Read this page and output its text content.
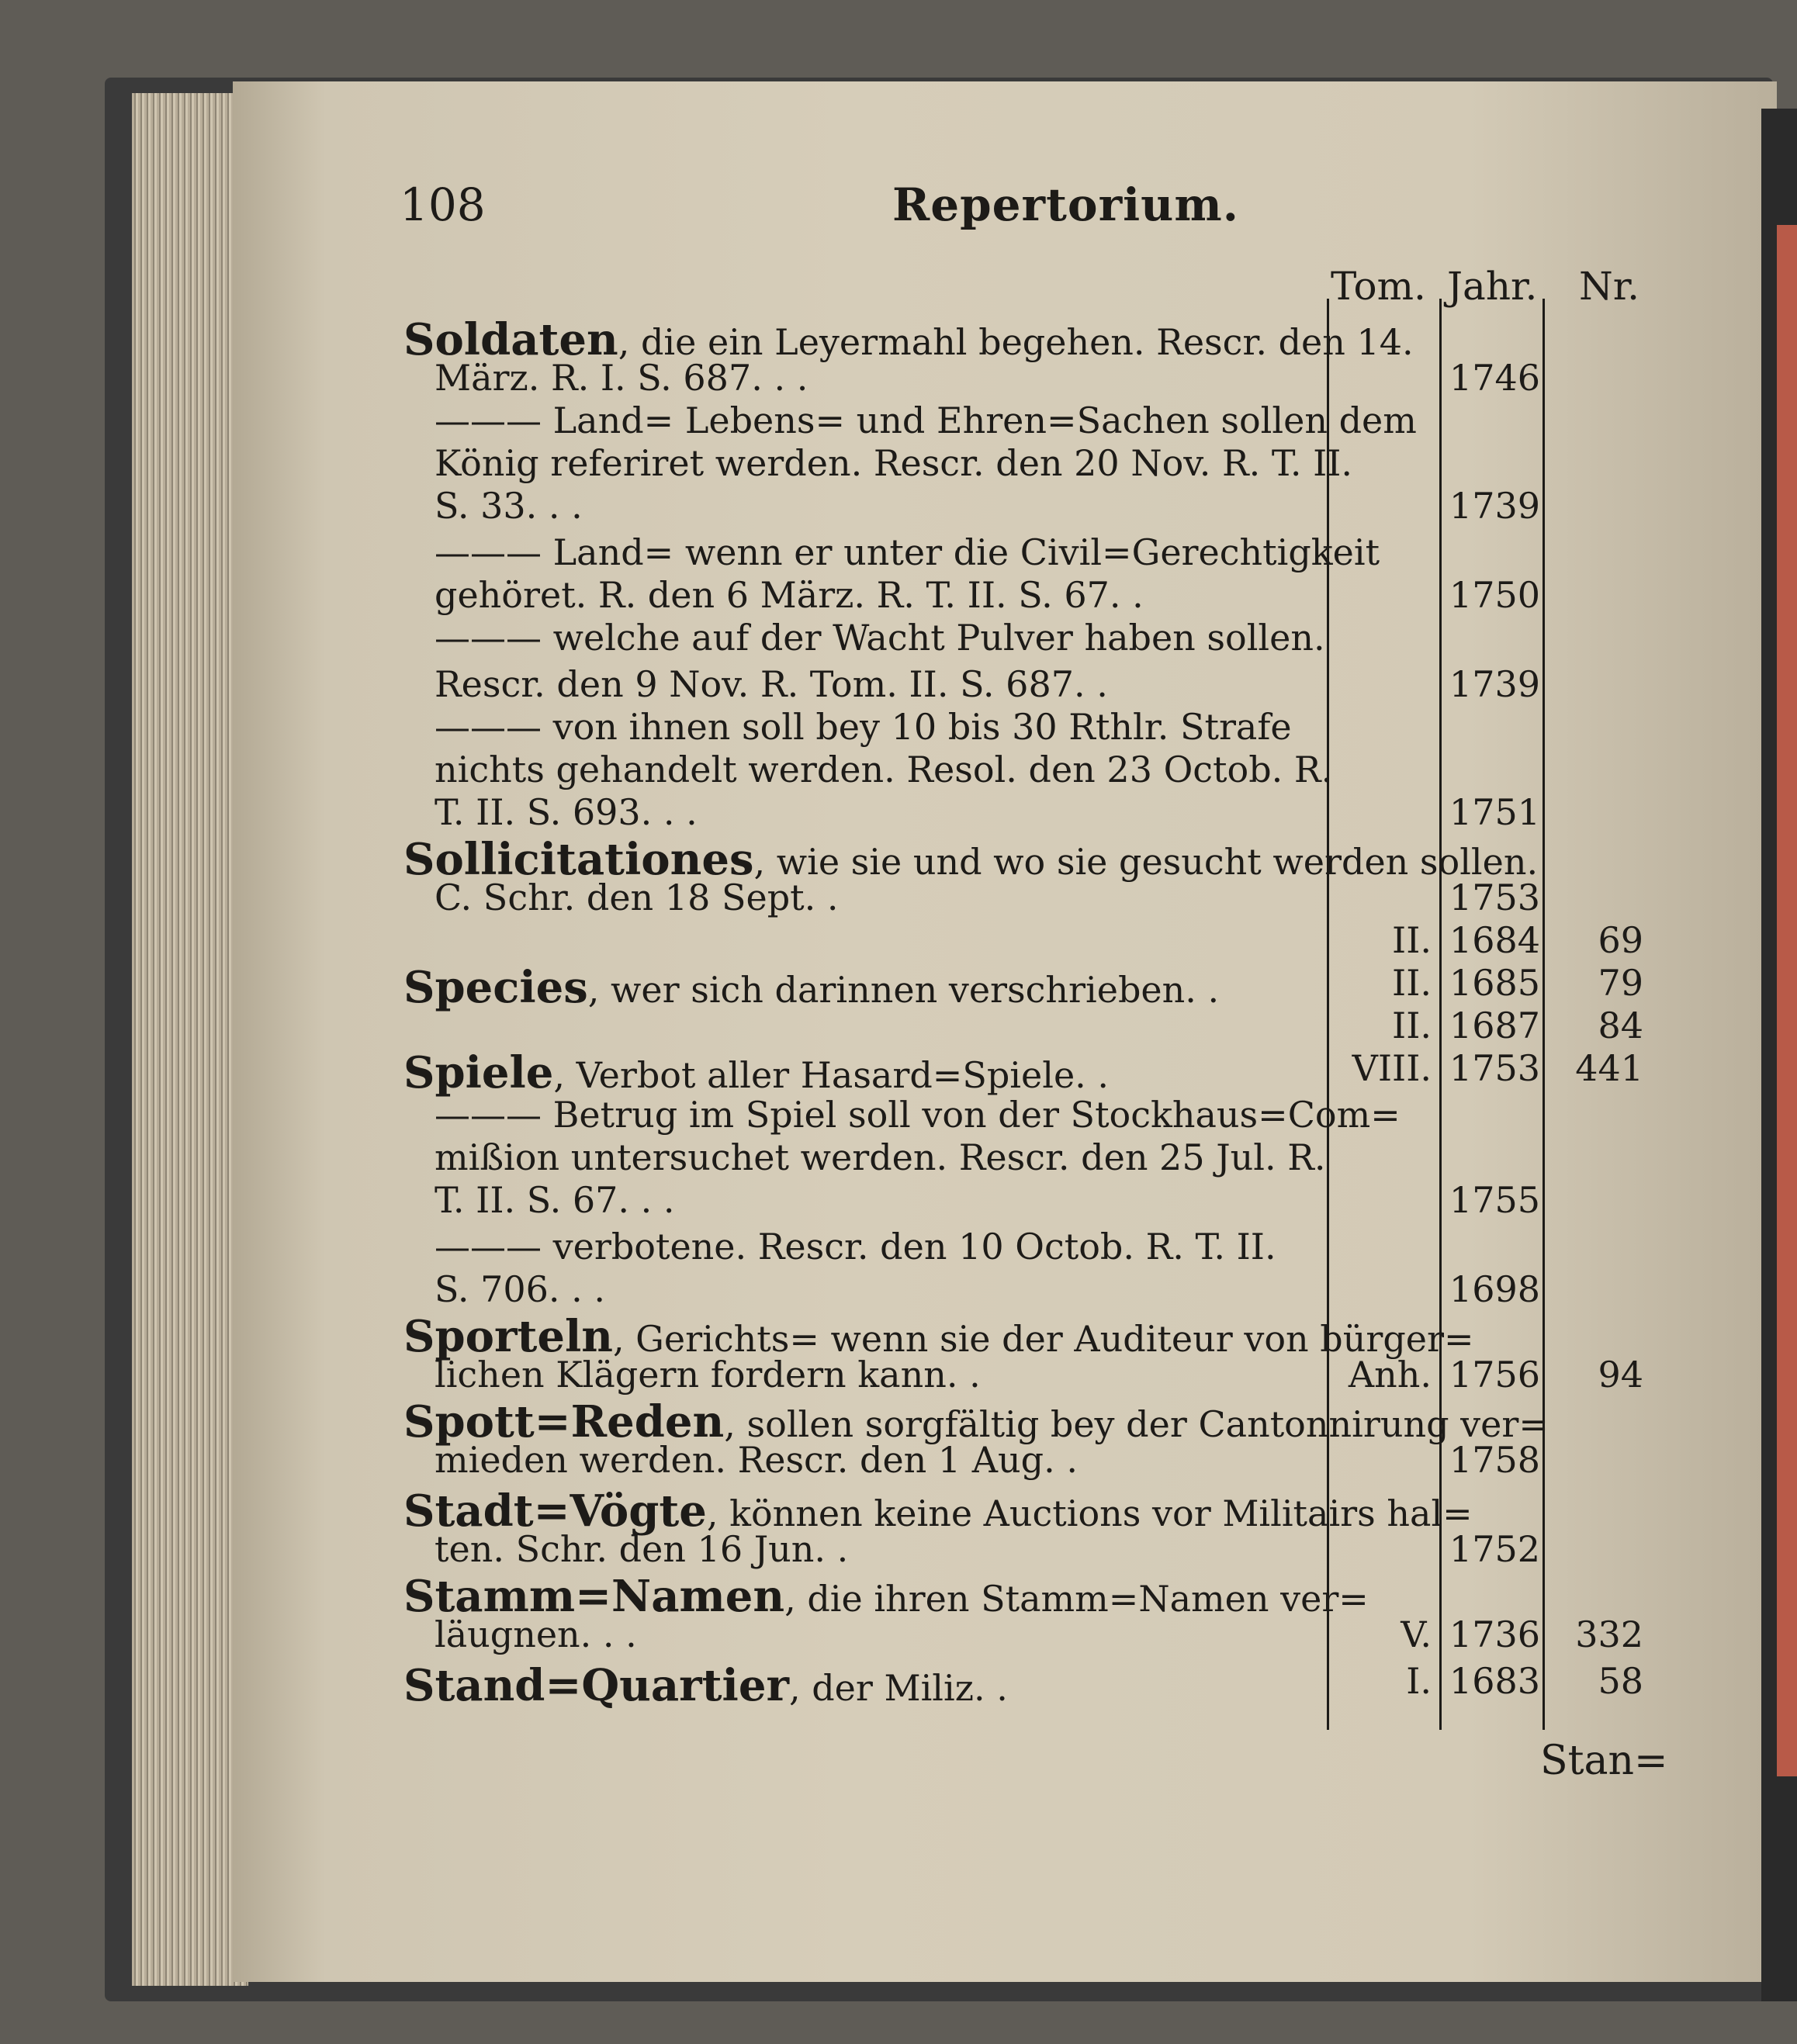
108	Repertorium.
Tom. Jahr. Nr.
Soldaten, die ein Leyermahl begehen. Rescr. den 14.
März. R. I. S. 687. . .
——— Land= Lebens= und Ehren=Sachen sollen dem
König referiret werden. Rescr. den 20 Nov. R. T. II.
S. 33. . .
——— Land= wenn er unter die Civil=Gerechtigkeit
gehöret. R. den 6 März. R. T. II. S. 67. .
——— welche auf der Wacht Pulver haben sollen.
Rescr. den 9 Nov. R. Tom. II. S. 687. .
——— von ihnen soll bey 10 bis 30 Rthlr. Strafe
nichts gehandelt werden. Resol. den 23 Octob. R.
T. II. S. 693. . .
Sollicitationes, wie sie und wo sie gesucht werden sollen.
C. Schr. den 18 Sept. .
Species, wer sich darinnen verschrieben. .
Spiele, Verbot aller Hasard=Spiele. .
——— Betrug im Spiel soll von der Stockhaus=Com=
mißion untersuchet werden. Rescr. den 25 Jul. R.
T. II. S. 67. . .
——— verbotene. Rescr. den 10 Octob. R. T. II.
S. 706. . .
Sporteln, Gerichts= wenn sie der Auditeur von bürger=
lichen Klägern fordern kann. .
Spott=Reden, sollen sorgfältig bey der Cantonnirung ver=
mieden werden. Rescr. den 1 Aug. .
Stadt=Vögte, können keine Auctions vor Militairs hal=
ten. Schr. den 16 Jun. .
Stamm=Namen, die ihren Stamm=Namen ver=
läugnen. . .
Stand=Quartier, der Miliz. .
1746
1739
1750
1739
1751
1753
II. 1684 69
II. 1685 79
II. 1687 84
VIII. 1753 441
1755
1698
Anh. 1756 94
1758
1752
V. 1736 332
I. 1683 58
Stan=
